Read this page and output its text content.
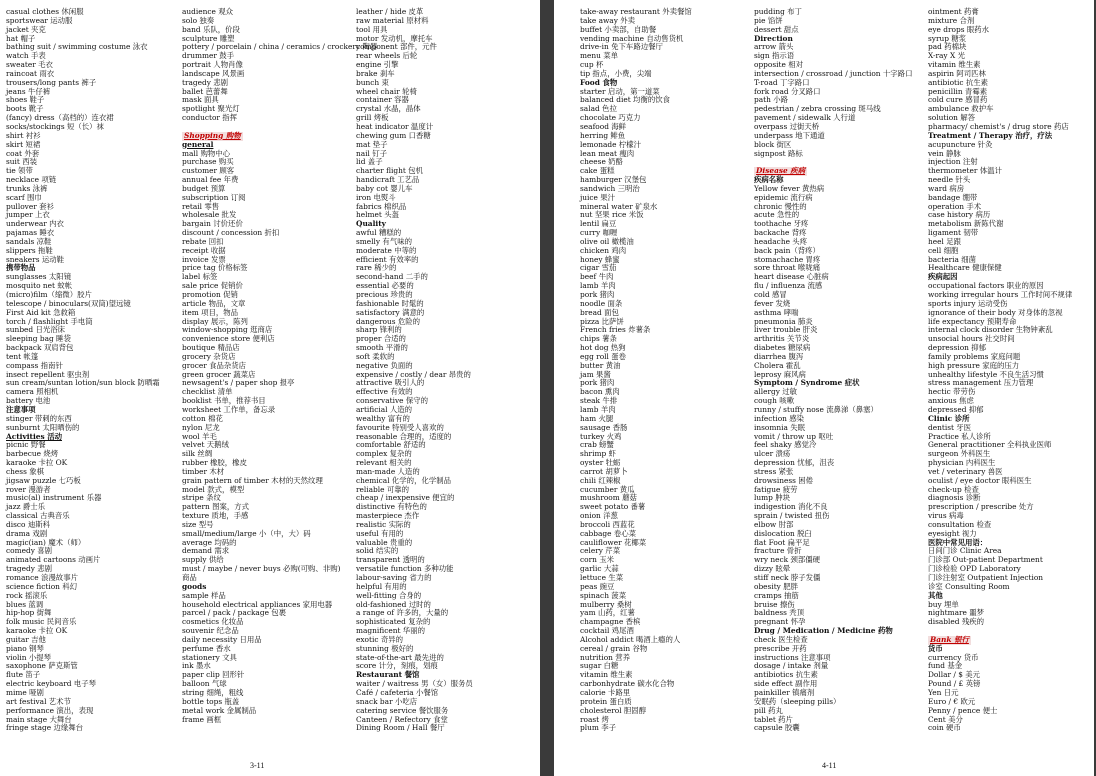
casual clothes 休闲服
sportswear 运动服
jacket 夹克
hat 帽子
bathing suit / swimming costume 泳衣
watch 手表
sweater 毛衣
raincoat 雨衣
trousers/long pants 裤子
jeans 牛仔裤
shoes 鞋子
boots 靴子
(fancy) dress（高档的）连衣裙
socks/stockings 短（长）袜
shirt 衬衫
skirt 短裙
coat 外套
suit 西装
tie 领带
necklace 项链
trunks 泳裤
scarf 围巾
pullover 套衫
jumper 上衣
underwear 内衣
pajamas 睡衣
sandals 凉鞋
slippers 拖鞋
sneakers 运动鞋
携带物品
sunglasses 太阳镜
mosquito net 蚊帐
(micro)film（缩微）胶片
telescope / binoculars(双筒)望远镜
First Aid kit 急救箱
torch / flashlight 手电筒
sunbed 日光浴床
sleeping bag 睡袋
backpack 双肩背包
tent 帐篷
compass 指南针
insect repellent 驱虫剂
sun cream/suntan lotion/sun block 防晒霜
camera 照相机
battery 电池
注意事项
stinger 带刺的东西
sunburnt 太阳晒伤的
Activities 活动
picnic 野餐
barbecue 烧烤
karaoke 卡拉 OK
chess 象棋
jigsaw puzzle 七巧板
rover 漫游者
music(al) instrument 乐器
jazz 爵士乐
classical 古典音乐
disco 迪斯科
drama 戏剧
magic(ian) 魔术（师）
comedy 喜剧
animated cartoons 动画片
tragedy 悲剧
romance 浪漫故事片
science fiction 科幻
rock 摇滚乐
blues 蓝调
hip-hop 街舞
folk music 民间音乐
karaoke 卡拉 OK
guitar 吉他
piano 钢琴
violin 小提琴
saxophone 萨克斯管
flute 笛子
electric keyboard 电子琴
mime 哑剧
art festival 艺术节
performance 演出，表现
main stage 大舞台
fringe stage 边缘舞台
audience 观众
solo 独奏
band 乐队，价段
sculpture 雕塑
pottery / porcelain / china / ceramics / crockery 陶器
drummer 鼓手
portrait 人物肖像
landscape 风景画
tragedy 悲剧
ballet 芭蕾舞
mask 面具
spotlight 聚光灯
conductor 指挥
Shopping 购物

general
mall 购物中心
purchase 购买
customer 顾客
annual fee 年费
budget 预算
subscription 订阅
retail 零售
wholesale 批发
bargain 讨价还价
discount / concession 折扣
rebate 回扣
receipt 收据
invoice 发票
price tag 价格标签
label 标签
sale price 促销价
promotion 促销
article 物品，文章
item 项目，物品
display 展示，陈列
window-shopping 逛商店
convenience store 便利店
boutique 精品店
grocery 杂货店
grocer 食品杂货店
green grocer 蔬菜店
newsagent's / paper shop 报亭
checklist 清单
booklist 书单，推荐书目
worksheet 工作单，备忘录
cotton 棉花
nylon 尼龙
wool 羊毛
velvet 天鹅绒
silk 丝绸
rubber 橡胶，橡皮
timber 木材
grain pattern of timber 木材的天然纹理
model 款式，模型
stripe 条纹
pattern 图案，方式
texture 质地，手感
size 型号
small/medium/large 小（中，大）码
average 均码的
demand 需求
supply 供给
must / maybe / never buys 必购(可购、非购)
商品
goods
sample 样品
household electrical appliances 家用电器
parcel / pack / package 包裹
cosmetics 化妆品
souvenir 纪念品
daily necessity 日用品
perfume 香水
stationery 文具
ink 墨水
paper clip 回形针
balloon 气球
string 细绳，粗线
bottle tops 瓶盖
metal work 金属制品
frame 画框
leather / hide 皮革
raw material 原材料
tool 用具
motor 发动机，摩托车
component 部件，元件
rear wheels 后轮
engine 引擎
brake 刹车
bunch 束
wheel chair 轮椅
container 容器
crystal 水晶，晶体
grill 烤板
heat indicator 温度计
chewing gum 口香糖
mat 垫子
nail 钉子
lid 盖子
charter flight 包机
handicraft 工艺品
baby cot 婴儿车
iron 电熨斗
fabrics 棉织品
helmet 头盔
Quality
awful 糟糕的
smelly 有气味的
moderate 中等的
efficient 有效率的
rare 稀少的
second-hand 二手的
essential 必要的
precious 珍贵的
fashionable 时髦的
satisfactory 满意的
dangerous 危险的
sharp 锋利的
proper 合适的
smooth 平滑的
soft 柔软的
negative 负面的
expensive / costly / dear 昂贵的
attractive 吸引人的
effective 有效的
conservative 保守的
artificial 人造的
wealthy 富有的
favourite 特别受人喜欢的
reasonable 合理的，适度的
comfortable 舒适的
complex 复杂的
relevant 相关的
man-made 人造的
chemical 化学的，化学制品
reliable 可靠的
cheap / inexpensive 便宜的
distinctive 有特色的
masterpiece 杰作
realistic 实际的
useful 有用的
valuable 贵重的
solid 结实的
transparent 透明的
versatile function 多种功能
labour-saving 省力的
helpful 有用的
well-fitting 合身的
old-fashioned 过时的
a range of 许多的，大量的
sophisticated 复杂的
magnificent 华丽的
exotic 奇异的
stunning 极好的
state-of-the-art 最先进的
score 计分，刻痕，划痕
Restaurant 餐馆
waiter / waitress 男（女）服务员
Café / cafeteria 小餐馆
snack bar 小吃店
catering service 餐饮服务
Canteen / Refectory 食堂
Dining Room / Hall 餐厅
3-11
take-away restaurant 外卖餐馆
take away 外卖
buffet 小卖部，自助餐
vending machine 自动售货机
drive-in 免下车路边餐厅
menu 菜单
cup 杯
tip 指点，小费，尖端
Food 食物
starter 启动，第一道菜
balanced diet 均衡的饮食
salad 色拉
chocolate 巧克力
seafood 海鲜
herring 鲱鱼
lemonade 柠檬汁
lean meat 瘦肉
cheese 奶酪
cake 蛋糕
hamburger 汉堡包
sandwich 三明治
juice 果汁
mineral water 矿泉水
nut 坚果 rice 米饭
lentil 扁豆
curry 咖喱
olive oil 橄榄油
chicken 鸡肉
honey 蜂蜜
cigar 雪茄
beef 牛肉
lamb 羊肉
pork 猪肉
noodle 面条
bread 面包
pizza 比萨饼
French fries 炸薯条
chips 薯条
hot dog 热狗
egg roll 蛋卷
butter 黄油
jam 果酱
pork 猪肉
bacon 熏肉
steak 牛排
lamb 羊肉
ham 火腿
sausage 香肠
turkey 火鸡
crab 螃蟹
shrimp 虾
oyster 牡蛎
carrot 胡萝卜
chili 红辣椒
cucumber 黄瓜
mushroom 蘑菇
sweet potato 番薯
onion 洋葱
broccoli 西蓝花
cabbage 卷心菜
cauliflower 花椰菜
celery 芹菜
corn 玉米
garlic 大蒜
lettuce 生菜
peas 豌豆
spinach 菠菜
mulberry 桑树
yam 山药，红薯
champagne 香槟
cocktail 鸡尾酒
Alcohol addict 喝酒上瘾的人
cereal / grain 谷物
nutrition 营养
sugar 白糖
vitamin 维生素
carbonhydrate 碳水化合物
calorie 卡路里
protein 蛋白质
cholesterol 胆固醇
roast 烤
plum 李子
pudding 布丁
pie 馅饼
dessert 甜点
Direction
arrow 箭头
sign 指示语
opposite 相对
intersection / crossroad / junction 十字路口
T-road 丁字路口
fork road 分叉路口
path 小路
pedestrian / zebra crossing 斑马线
pavement / sidewalk 人行道
overpass 过街天桥
underpass 地下通道
block 街区
signpost 路标
Disease 疾病

疾病名称
Yellow fever 黄热病
epidemic 流行病
chronic 慢性的
acute 急性的
toothache 牙疼
backache 背疼
headache 头疼
back pain（背疼）
stomachache 胃疼
sore throat 喉咙痛
heart disease 心脏病
flu / influenza 流感
cold 感冒
fever 发烧
asthma 哮喘
pneumonia 肺炎
liver trouble 肝炎
arthritis 关节炎
diabetes 糖尿病
diarrhea 腹泻
Cholera 霍乱
leprosy 麻风病
Symptom / Syndrome 症状
allergy 过敏
cough 咳嗽
runny / stuffy nose 流鼻涕（鼻塞）
infection 感染
insomnia 失眠
vomit / throw up 呕吐
feel shaky 感觉冷
ulcer 溃疡
depression 忧郁，沮丧
stress 紧张
drowsiness 困倦
fatigue 疲劳
lump 肿块
indigestion 消化不良
sprain / twisted 扭伤
elbow 肘部
dislocation 脱臼
flat Foot 扁平足
fracture 骨折
wry neck 颈部僵硬
dizzy 眩晕
stiff neck 脖子发僵
obesity 肥胖
cramps 抽筋
bruise 擦伤
baldness 秃顶
pregnant 怀孕
Drug / Medication / Medicine 药物
check 医生检查
prescribe 开药
instructions 注意事项
dosage / intake 剂量
antibiotics 抗生素
side effect 副作用
painkiller 镇痛剂
安眠药（sleeping pills）
pill 药丸
tablet 药片
capsule 胶囊
ointment 药膏
mixture 合剂
eye drops 眼药水
syrup 糖浆
pad 药棉块
X-ray X 光
vitamin 维生素
aspirin 阿司匹林
antibiotic 抗生素
penicillin 青霉素
cold cure 感冒药
ambulance 救护车
solution 解答
pharmacy/ chemist's / drug store 药店
Treatment / Therapy 治疗，疗法
acupuncture 针灸
vein 静脉
injection 注射
thermometer 体温计
needle 针头
ward 病房
bandage 绷带
operation 手术
case history 病历
metabolism 新陈代谢
ligament 韧带
heel 足跟
cell 细胞
bacteria 细菌
Healthcare 健康保健
疾病起因
occupational factors 职业的原因
working irregular hours 工作时间不规律
sports injury 运动受伤
ignorance of their body 对身体的忽视
life expectancy 预期寿命
internal clock disorder 生物钟紊乱
unsocial hours 社交时间
depression 抑郁
family problems 家庭问题
high pressure 家庭的压力
unhealthy lifestyle 不良生活习惯
stress management 压力管理
hectic 带劳伤
anxious 焦虑
depressed 抑郁
Clinic 诊所
dentist 牙医
Practice 私人诊所
General practitioner 全科执业医师
surgeon 外科医生
physician 内科医生
vet / veterinary 兽医
oculist / eye doctor 眼科医生
check-up 检查
diagnosis 诊断
prescription / prescribe 处方
virus 病毒
consultation 检查
eyesight 视力
医院中常见用语：
日间门诊 Clinic Area
门诊部 Out-patient Department
门诊检验 OPD Laboratory
门诊注射室 Outpatient Injection
诊室 Consulting Room
其他
buy 埋单
nightmare 噩梦
disabled 残疾的
Bank 银行

货币
currency 货币
fund 基金
Dollar / $ 美元
Pound / £ 英镑
Yen 日元
Euro / € 欧元
Penny / pence 便士
Cent 美分
coin 硬币
4-11
